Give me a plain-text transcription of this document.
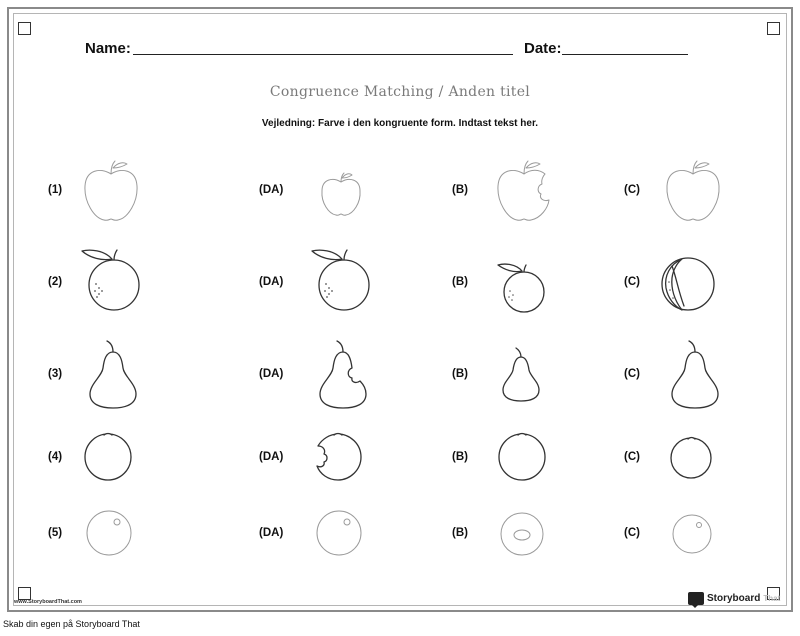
Name:	Date:
Congruence Matching / Anden titel
Vejledning: Farve i den kongruente form. Indtast tekst her.
(1)	(DA)	(B)	(C)
(2)	(DA)	(B)	(C)
(3)	(DA)	(B)	(C)
(4)	(DA)	(B)	(C)
(5)	(DA)	(B)	(C)
www.StoryboardThat.com	Storyboard That
Skab din egen på Storyboard That
